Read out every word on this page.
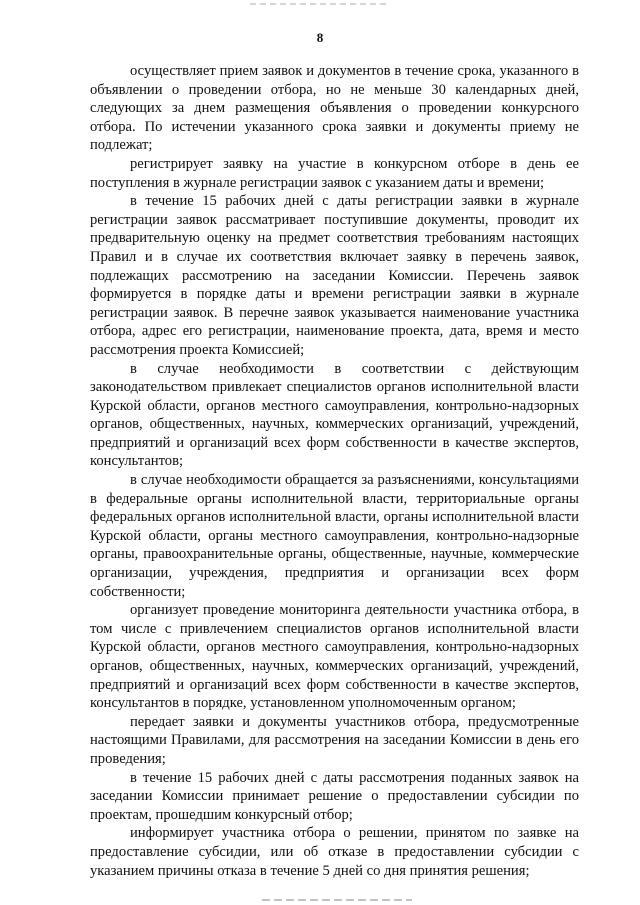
8

осуществляет прием заявок и документов в течение срока, указанного в объявлении о проведении отбора, но не меньше 30 календарных дней, следующих за днем размещения объявления о проведении конкурсного отбора. По истечении указанного срока заявки и документы приему не подлежат;

регистрирует заявку на участие в конкурсном отборе в день ее поступления в журнале регистрации заявок с указанием даты и времени;

в течение 15 рабочих дней с даты регистрации заявки в журнале регистрации заявок рассматривает поступившие документы, проводит их предварительную оценку на предмет соответствия требованиям настоящих Правил и в случае их соответствия включает заявку в перечень заявок, подлежащих рассмотрению на заседании Комиссии. Перечень заявок формируется в порядке даты и времени регистрации заявки в журнале регистрации заявок. В перечне заявок указывается наименование участника отбора, адрес его регистрации, наименование проекта, дата, время и место рассмотрения проекта Комиссией;

в случае необходимости в соответствии с действующим законодательством привлекает специалистов органов исполнительной власти Курской области, органов местного самоуправления, контрольно-надзорных органов, общественных, научных, коммерческих организаций, учреждений, предприятий и организаций всех форм собственности в качестве экспертов, консультантов;

в случае необходимости обращается за разъяснениями, консультациями в федеральные органы исполнительной власти, территориальные органы федеральных органов исполнительной власти, органы исполнительной власти Курской области, органы местного самоуправления, контрольно-надзорные органы, правоохранительные органы, общественные, научные, коммерческие организации, учреждения, предприятия и организации всех форм собственности;

организует проведение мониторинга деятельности участника отбора, в том числе с привлечением специалистов органов исполнительной власти Курской области, органов местного самоуправления, контрольно-надзорных органов, общественных, научных, коммерческих организаций, учреждений, предприятий и организаций всех форм собственности в качестве экспертов, консультантов в порядке, установленном уполномоченным органом;

передает заявки и документы участников отбора, предусмотренные настоящими Правилами, для рассмотрения на заседании Комиссии в день его проведения;

в течение 15 рабочих дней с даты рассмотрения поданных заявок на заседании Комиссии принимает решение о предоставлении субсидии по проектам, прошедшим конкурсный отбор;

информирует участника отбора о решении, принятом по заявке на предоставление субсидии, или об отказе в предоставлении субсидии с указанием причины отказа в течение 5 дней со дня принятия решения;
